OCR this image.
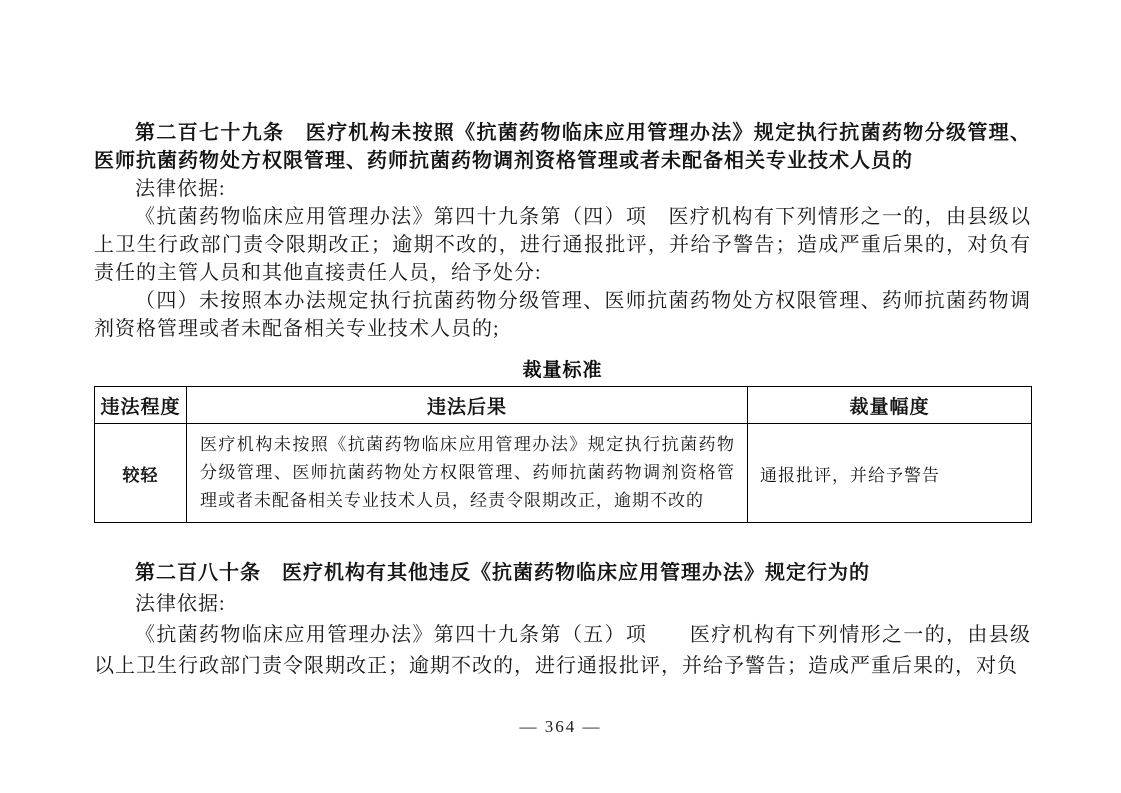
第二百七十九条　医疗机构未按照《抗菌药物临床应用管理办法》规定执行抗菌药物分级管理、医师抗菌药物处方权限管理、药师抗菌药物调剂资格管理或者未配备相关专业技术人员的

法律依据:

《抗菌药物临床应用管理办法》第四十九条第（四）项　医疗机构有下列情形之一的，由县级以上卫生行政部门责令限期改正；逾期不改的，进行通报批评，并给予警告；造成严重后果的，对负有责任的主管人员和其他直接责任人员，给予处分:

（四）未按照本办法规定执行抗菌药物分级管理、医师抗菌药物处方权限管理、药师抗菌药物调剂资格管理或者未配备相关专业技术人员的;

裁量标准
违法程度	违法后果	裁量幅度
较轻	医疗机构未按照《抗菌药物临床应用管理办法》规定执行抗菌药物分级管理、医师抗菌药物处方权限管理、药师抗菌药物调剂资格管理或者未配备相关专业技术人员，经责令限期改正，逾期不改的	通报批评，并给予警告

第二百八十条　医疗机构有其他违反《抗菌药物临床应用管理办法》规定行为的

法律依据:

《抗菌药物临床应用管理办法》第四十九条第（五）项　　医疗机构有下列情形之一的，由县级以上卫生行政部门责令限期改正；逾期不改的，进行通报批评，并给予警告；造成严重后果的，对负

— 364 —
